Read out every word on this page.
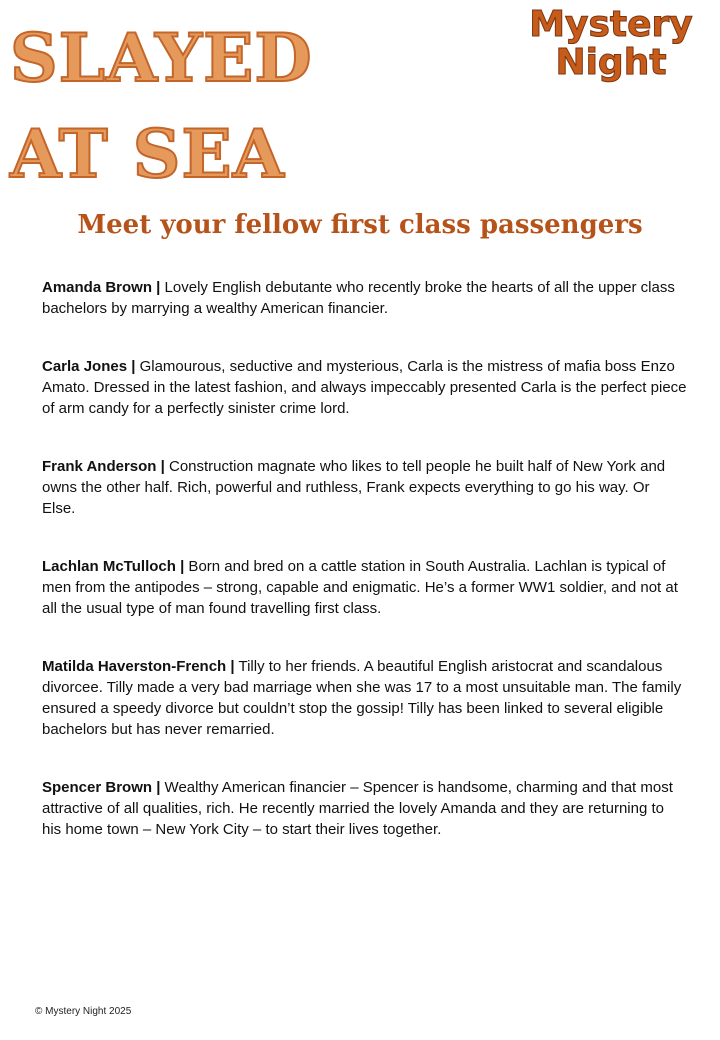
SLAYED
AT SEA
Mystery
Night
Meet your fellow first class passengers
Amanda Brown | Lovely English debutante who recently broke the hearts of all the upper class bachelors by marrying a wealthy American financier.
Carla Jones | Glamourous, seductive and mysterious, Carla is the mistress of mafia boss Enzo Amato. Dressed in the latest fashion, and always impeccably presented Carla is the perfect piece of arm candy for a perfectly sinister crime lord.
Frank Anderson | Construction magnate who likes to tell people he built half of New York and owns the other half. Rich, powerful and ruthless, Frank expects everything to go his way. Or Else.
Lachlan McTulloch | Born and bred on a cattle station in South Australia. Lachlan is typical of men from the antipodes – strong, capable and enigmatic. He’s a former WW1 soldier, and not at all the usual type of man found travelling first class.
Matilda Haverston-French | Tilly to her friends. A beautiful English aristocrat and scandalous divorcee. Tilly made a very bad marriage when she was 17 to a most unsuitable man. The family ensured a speedy divorce but couldn’t stop the gossip! Tilly has been linked to several eligible bachelors but has never remarried.
Spencer Brown | Wealthy American financier – Spencer is handsome, charming and that most attractive of all qualities, rich. He recently married the lovely Amanda and they are returning to his home town – New York City – to start their lives together.
© Mystery Night 2025
